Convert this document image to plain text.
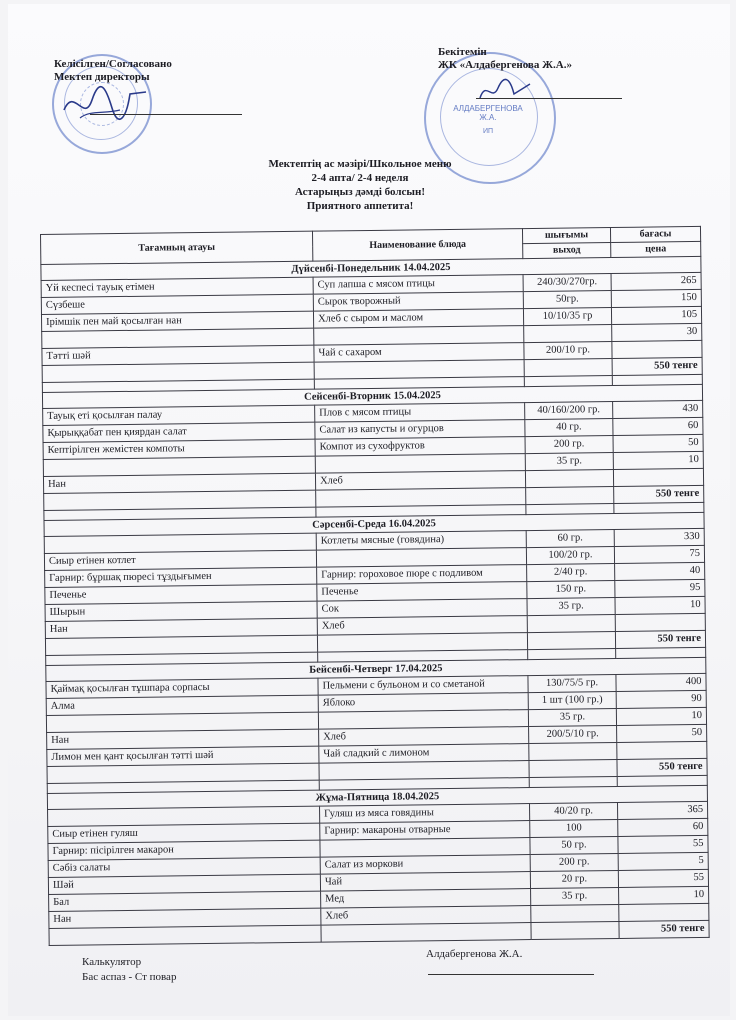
АЛДАБЕРГЕНОВА Ж.А.
ИП
Келісілген/Согласовано
Мектеп директоры
Бекітемін
ЖК «Алдабергенова Ж.А.»
Мектептің ас мәзірі/Школьное меню
2-4 апта/ 2-4 неделя
Астарыңыз дәмді болсын!
Приятного аппетита!
Тағамның атауы	Наименование блюда	шығымы	бағасы
		выход	цена
Дүйсенбі-Понедельник 14.04.2025			
Үй кеспесі тауық етімен	Суп лапша с мясом птицы	240/30/270гр.	265
Сүзбеше	Сырок творожный	50гр.	150
Ірімшік пен май қосылған нан	Хлеб с сыром и маслом	10/10/35 гр	105
			30
Тәтті шәй	Чай с сахаром	200/10 гр.	
			550 тенге

Сейсенбі-Вторник 15.04.2025			
Тауық еті қосылған палау	Плов с мясом птицы	40/160/200 гр.	430
Қырыққабат пен қиярдан салат	Салат из капусты и огурцов	40 гр.	60
Кептірілген жемістен компоты	Компот из сухофруктов	200 гр.	50
		35 гр.	10
Нан	Хлеб		
			550 тенге

Сәрсенбі-Среда 16.04.2025			
	Котлеты мясные (говядина)	60 гр.	330
Сиыр етінен котлет		100/20 гр.	75
Гарнир: бұршақ пюресі тұздығымен	Гарнир: гороховое пюре с подливом	2/40 гр.	40
Печенье	Печенье	150 гр.	95
Шырын	Сок	35 гр.	10
Нан	Хлеб		
			550 тенге

Бейсенбі-Четверг 17.04.2025			
Қаймақ қосылған тұшпара сорпасы	Пельмени с бульоном и со сметаной	130/75/5 гр.	400
Алма	Яблоко	1 шт (100 гр.)	90
		35 гр.	10
Нан	Хлеб	200/5/10 гр.	50
Лимон мен қант қосылған тәтті шәй	Чай сладкий с лимоном		
			550 тенге

Жұма-Пятница 18.04.2025			
	Гуляш из мяса говядины	40/20 гр.	365
Сиыр етінен гуляш	Гарнир: макароны отварные	100	60
Гарнир: пісірілген макарон		50 гр.	55
Сәбіз салаты	Салат из моркови	200 гр.	5
Шәй	Чай	20 гр.	55
Бал	Мед	35 гр.	10
Нан	Хлеб		
			550 тенге
Калькулятор
Бас аспаз - Ст повар
Алдабергенова Ж.А.
